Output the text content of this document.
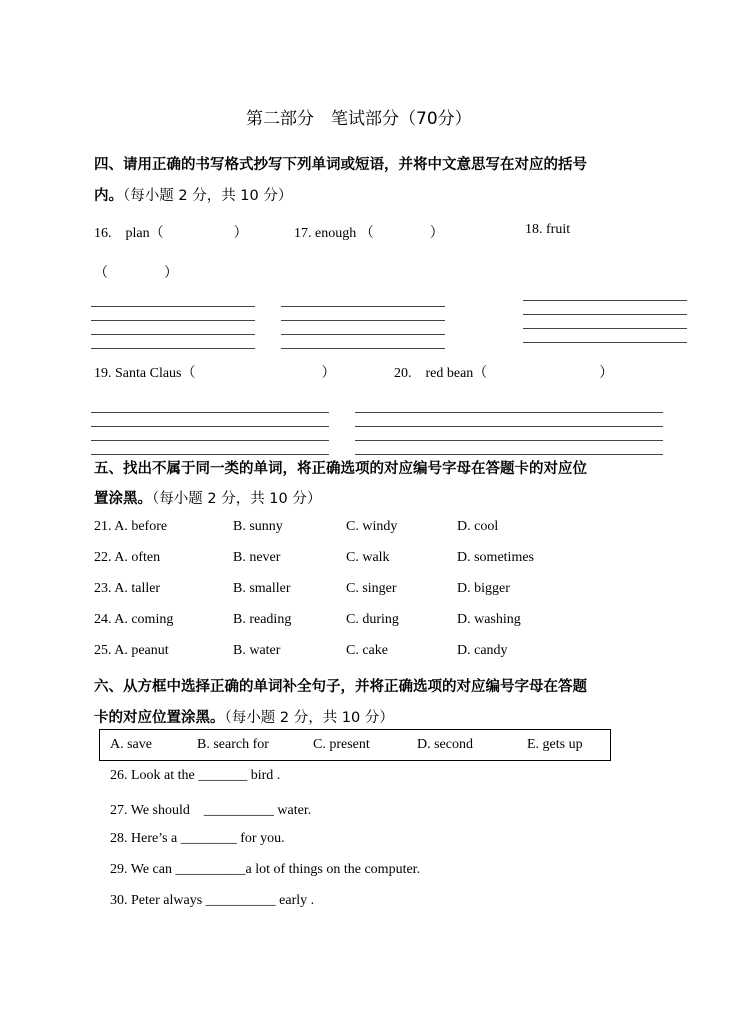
第二部分　笔试部分（70分）
四、请用正确的书写格式抄写下列单词或短语，并将中文意思写在对应的括号
内。（每小题 2 分，共 10 分）
16.　plan（　　　　　）	17. enough （　　　　）	18. fruit
（　　　　）
19. Santa Claus（　　　　　　　　　）	20.　red bean（　　　　　　　　）
五、找出不属于同一类的单词，将正确选项的对应编号字母在答题卡的对应位
置涂黑。（每小题 2 分，共 10 分）
21. A. before	B. sunny	C. windy	D. cool
22. A. often	B. never	C. walk	D. sometimes
23. A. taller	B. smaller	C. singer	D. bigger
24. A. coming	B. reading	C. during	D. washing
25. A. peanut	B. water	C. cake	D. candy
六、从方框中选择正确的单词补全句子，并将正确选项的对应编号字母在答题
卡的对应位置涂黑。（每小题 2 分，共 10 分）
A. save	B. search for	C. present	D. second	E. gets up
26. Look at the _______ bird .
27. We should　__________ water.
28. Here’s a ________ for you.
29. We can __________a lot of things on the computer.
30. Peter always __________ early .
